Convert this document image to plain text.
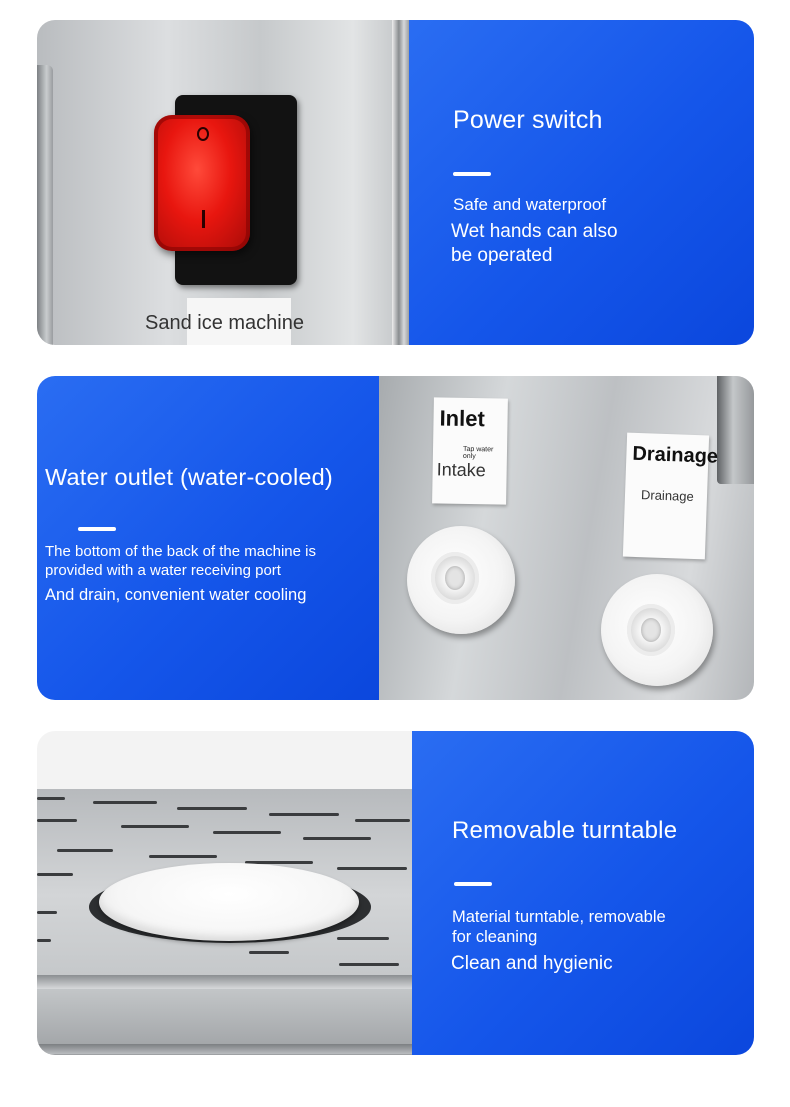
Sand ice machine
Power switch
Safe and waterproof
Wet hands can also
be operated
Water outlet (water-cooled)
The bottom of the back of the machine is
provided with a water receiving port
And drain, convenient water cooling
Inlet
Tap water only
Intake
Drainage
Drainage
Removable turntable
Material turntable, removable
for cleaning
Clean and hygienic
